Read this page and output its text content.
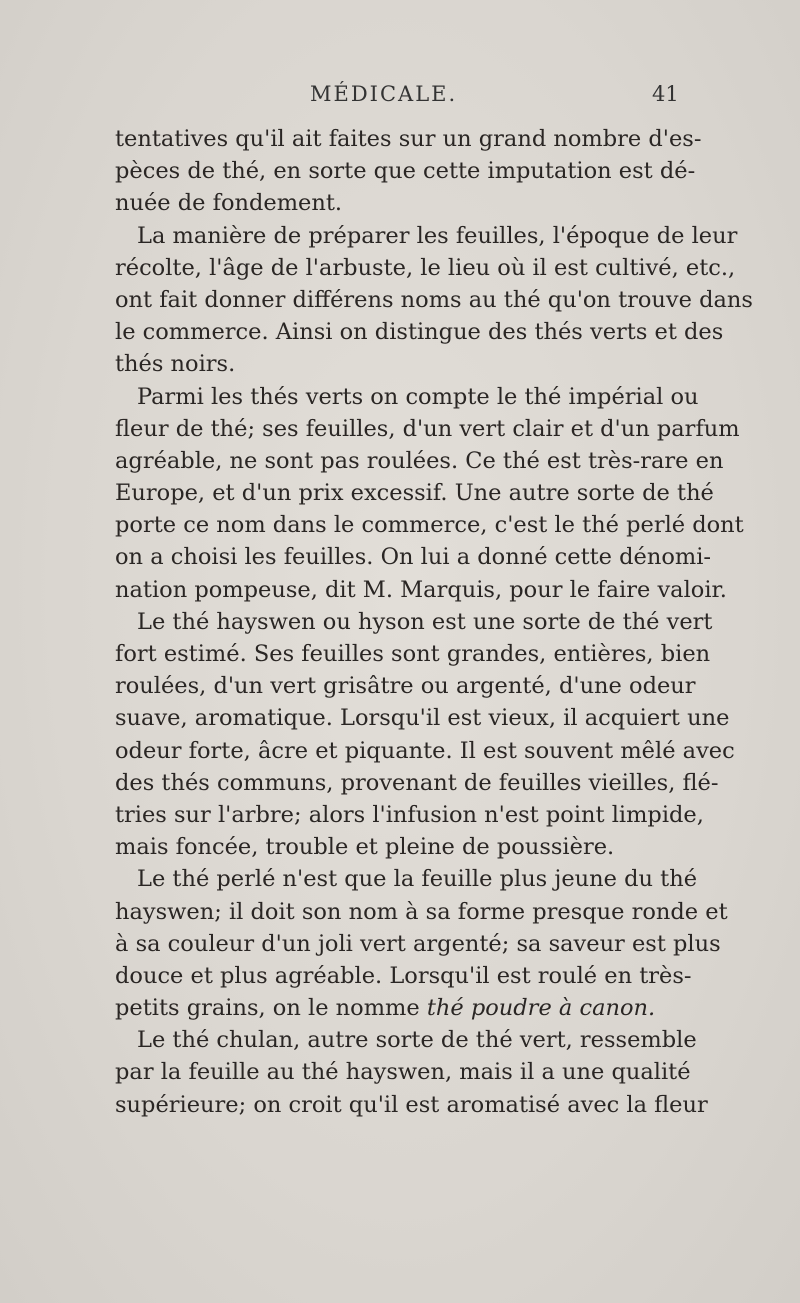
MÉDICALE.	41
tentatives qu'il ait faites sur un grand nombre d'es-
pèces de thé, en sorte que cette imputation est dé-
nuée de fondement.
La manière de préparer les feuilles, l'époque de leur
récolte, l'âge de l'arbuste, le lieu où il est cultivé, etc.,
ont fait donner différens noms au thé qu'on trouve dans
le commerce. Ainsi on distingue des thés verts et des
thés noirs.
Parmi les thés verts on compte le thé impérial ou
fleur de thé; ses feuilles, d'un vert clair et d'un parfum
agréable, ne sont pas roulées. Ce thé est très-rare en
Europe, et d'un prix excessif. Une autre sorte de thé
porte ce nom dans le commerce, c'est le thé perlé dont
on a choisi les feuilles. On lui a donné cette dénomi-
nation pompeuse, dit M. Marquis, pour le faire valoir.
Le thé hayswen ou hyson est une sorte de thé vert
fort estimé. Ses feuilles sont grandes, entières, bien
roulées, d'un vert grisâtre ou argenté, d'une odeur
suave, aromatique. Lorsqu'il est vieux, il acquiert une
odeur forte, âcre et piquante. Il est souvent mêlé avec
des thés communs, provenant de feuilles vieilles, flé-
tries sur l'arbre; alors l'infusion n'est point limpide,
mais foncée, trouble et pleine de poussière.
Le thé perlé n'est que la feuille plus jeune du thé
hayswen; il doit son nom à sa forme presque ronde et
à sa couleur d'un joli vert argenté; sa saveur est plus
douce et plus agréable. Lorsqu'il est roulé en très-
petits grains, on le nomme thé poudre à canon.
Le thé chulan, autre sorte de thé vert, ressemble
par la feuille au thé hayswen, mais il a une qualité
supérieure; on croit qu'il est aromatisé avec la fleur
